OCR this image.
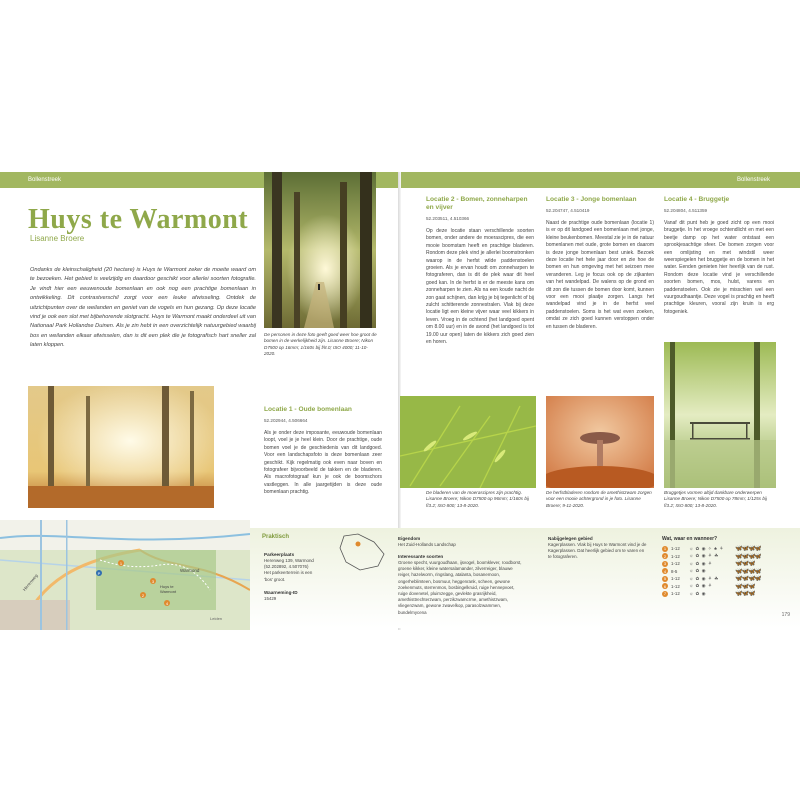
Bollenstreek	Bollenstreek
Huys te Warmont
Lisanne Broere
Ondanks de kleinschaligheid (20 hectare) is Huys te Warmont zeker de moeite waard om te bezoeken. Het gebied is veelzijdig en daardoor geschikt voor allerlei soorten fotografie. Je vindt hier een eeuwenoude bomenlaan en ook nog een prachtige bomenlaan in ontwikkeling. Dit contrastverschil zorgt voor een leuke afwisseling. Ontdek de uitzichtpunten over de weilanden en geniet van de vogels en hun gezang. Op deze locatie vind je ook een slot met bijbehorende slotgracht. Huys te Warmont maakt onderdeel uit van Nationaal Park Hollandse Duinen. Als je zin hebt in een overzichtelijk natuurgebied waarbij bos en weilanden elkaar afwisselen, dan is dit een plek die je fotografisch hart sneller zal laten kloppen.
De personen in deze foto geeft goed weer hoe groot de bomen in de werkelijkheid zijn. Lisanne Broere; Nikon D7500 op 16mm; 1/160s bij f/8.0; ISO 4000; 11-10-2020.
Herenweg
Warmond
Huys te Warmont
Leiden
1
2
3
4
P
Locatie 1 - Oude bomenlaan
52.202944, 4.506664
Als je onder deze imposante, eeuwoude bomenlaan loopt, voel je je heel klein. Door de prachtige, oude bomen voel je de geschiedenis van dit landgoed. Voor een landschapsfoto is deze bomenlaan zeer geschikt. Kijk regelmatig ook even naar boven en fotografeer bijvoorbeeld de takken en de bladeren. Als macrofotograaf kun je ook de boomschors vastleggen. In alle jaargetijden is deze oude bomenlaan prachtig.
Locatie 2 - Bomen, zonneharpen en vijver
52.203511, 4.510366
Op deze locatie staan verschillende soorten bomen, onder andere de moerascipres, die een mooie boomstam heeft en prachtige bladeren. Rondom deze plek vind je allerlei boomstronken waarop in de herfst wilde paddenstoelen groeien. Als je ervan houdt om zonneharpen te fotograferen, dan is dit de plek waar dit heel goed kan. In de herfst is er de meeste kans om zonneharpen te zien. Als na een koude nacht de zon gaat schijnen, dan krijg je bij tegenlicht of bij zulcht schitterende zonnestralen. Vlak bij deze locatie ligt een kleine vijver waar veel kikkers in leven. Vroeg in de ochtend (het landgoed opent om 8.00 uur) en in de avond (het landgoed is tot 19.00 uur open) laten de kikkers zich goed zien en horen.
Locatie 3 - Jonge bomenlaan
52.204747, 4.510419
Naast de prachtige oude bomenlaan (locatie 1) is er op dit landgoed een bomenlaan met jonge, kleine beukenbomen. Meestal zie je in de natuur bomenlanen met oude, grote bomen en daarom is deze jonge bomenlaan best uniek. Bezoek deze locatie het hele jaar door en zie hoe de bomen en hun omgeving met het seizoen mee veranderen. Leg je focus ook op de zijkanten van het wandelpad. De walens op de grond en dit zon die tussen de bomen door komt, kunnen voor een mooi plaatje zorgen. Langs het wandelpad vind je in de herfst veel paddenstoelen. Soms is het wat even zoeken, omdat ze zich goed kunnen verstoppen onder en tussen de bladeren.
Locatie 4 - Bruggetje
52.204804, 4.511359
Vanaf dit punt heb je goed zicht op een mooi bruggetje. In het vroege ochtendlicht en met een beetje damp op het water ontstaat een sprookjesachtige sfeer. De bomen zorgen voor een omlijsting en met windstil weer weerspiegelen het bruggetje en de bomen in het water. Eenden genieten hier heerlijk van de rust. Rondom deze locatie vind je verschillende soorten bomen, mos, hulst, varens en paddenstoelen. Ook zie je misschien wel een vuurgoudhaantje. Deze vogel is prachtig en heeft prachtige kleuren, vooral zijn kruin is erg fotogeniek.
De bladeren van de moerascipres zijn prachtig. Lisanne Broere; Nikon D7500 op 96mm; 1/160s bij f/3.2; ISO 800; 13-8-2020.
De herfstbladeren rondom de amethistzwam zorgen voor een mooie achtergrond in je foto. Lisanne Broere; 9-11-2020.
Bruggetjes vormen altijd dankbare onderwerpen Lisanne Broere; Nikon D7500 op 78mm; 1/125s bij f/3.2; ISO 800; 13-8-2020.
Praktisch
Parkeerplaats
Herenweg 139, Warmond (52.202892, 4.507076) Het parkeerterrein is een 'bos' groot.
Waarneming-ID
15429
Eigendom
Het Zuid-Hollands Landschap
Interessante soorten
Groene specht, vuurgoudhaan, ijsvogel, boomklever, roodborst, groene kikker, kleine watersalamander, zilverreiger, blauwe reiger, hazelworm, ringslang, atalanta, bosanemoon, ongerheblimteen, bosmuur, heggenrank, scheen, gewone zoekenmuts, sterrenmos, bosbingelkruid, ruige hennepvoet, ruige dovenetel, pluimzegge, gevlekte grasrijkheid, amethisttrechterzwam, perzikzwamcrme, amethistzwam, vliegenzwam, gewone zwavelkop, parasolzwammen, bundelmycena
Nabijgelegen gebied
Kagerplassen. Vlak bij Huys te Warmont vind je de Kagerplassen. Dat heerlijk gebied om te varen en te fotograferen.
Wat, waar en wanneer?
1	1-12	☼ ✿ ◉ ✧ ♣ ⚘	🦋🦋🦋🦋
2	1-12	☼ ✿ ◉ ⚘ ☘	🦋🦋🦋🦋
3	1-12	☼ ✿ ◉ ⚘	🦋🦋🦋
4	8-5	☼ ✿ ◉	🦋🦋🦋🦋
5	1-12	☼ ✿ ◉ ⚘ ☘	🦋🦋🦋🦋
6	1-12	☼ ✿ ◉ ⚘	🦋🦋🦋
7	1-12	☼ ✿ ◉	🦋🦋🦋
179
